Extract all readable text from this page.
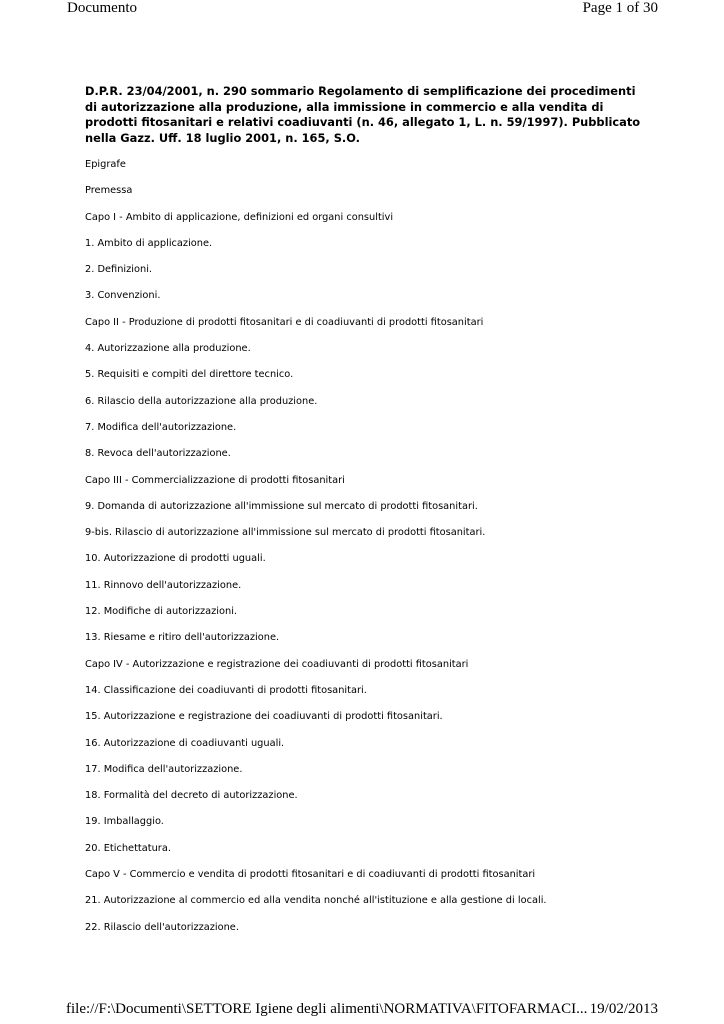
Documento	Page 1 of 30

D.P.R. 23/04/2001, n. 290 sommario Regolamento di semplificazione dei procedimenti di autorizzazione alla produzione, alla immissione in commercio e alla vendita di prodotti fitosanitari e relativi coadiuvanti (n. 46, allegato 1, L. n. 59/1997). Pubblicato nella Gazz. Uff. 18 luglio 2001, n. 165, S.O.

Epigrafe

Premessa

Capo I - Ambito di applicazione, definizioni ed organi consultivi

1. Ambito di applicazione.

2. Definizioni.

3. Convenzioni.

Capo II - Produzione di prodotti fitosanitari e di coadiuvanti di prodotti fitosanitari

4. Autorizzazione alla produzione.

5. Requisiti e compiti del direttore tecnico.

6. Rilascio della autorizzazione alla produzione.

7. Modifica dell'autorizzazione.

8. Revoca dell'autorizzazione.

Capo III - Commercializzazione di prodotti fitosanitari

9. Domanda di autorizzazione all'immissione sul mercato di prodotti fitosanitari.

9-bis. Rilascio di autorizzazione all'immissione sul mercato di prodotti fitosanitari.

10. Autorizzazione di prodotti uguali.

11. Rinnovo dell'autorizzazione.

12. Modifiche di autorizzazioni.

13. Riesame e ritiro dell'autorizzazione.

Capo IV - Autorizzazione e registrazione dei coadiuvanti di prodotti fitosanitari

14. Classificazione dei coadiuvanti di prodotti fitosanitari.

15. Autorizzazione e registrazione dei coadiuvanti di prodotti fitosanitari.

16. Autorizzazione di coadiuvanti uguali.

17. Modifica dell'autorizzazione.

18. Formalità del decreto di autorizzazione.

19. Imballaggio.

20. Etichettatura.

Capo V - Commercio e vendita di prodotti fitosanitari e di coadiuvanti di prodotti fitosanitari

21. Autorizzazione al commercio ed alla vendita nonché all'istituzione e alla gestione di locali.

22. Rilascio dell'autorizzazione.

file://F:\Documenti\SETTORE Igiene degli alimenti\NORMATIVA\FITOFARMACI... 19/02/2013
